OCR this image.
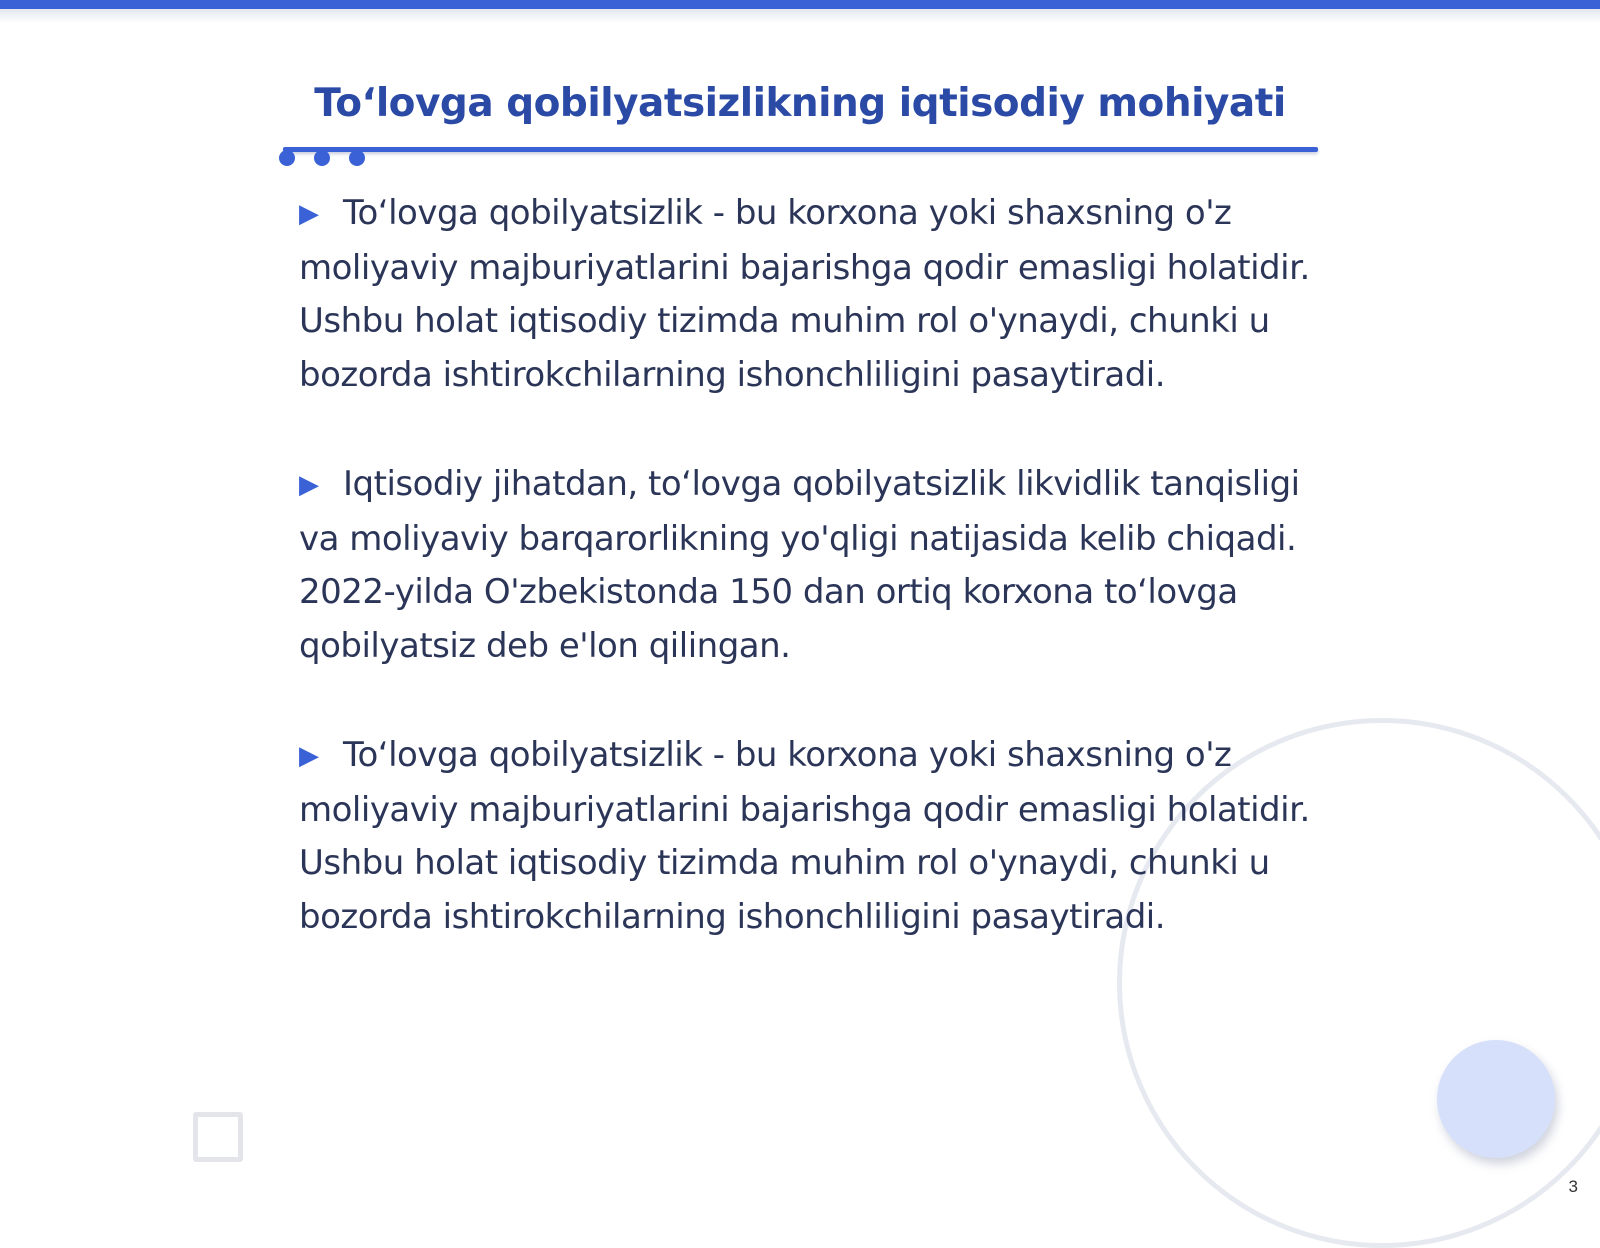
To‘lovga qobilyatsizlikning iqtisodiy mohiyati
▶ To‘lovga qobilyatsizlik - bu korxona yoki shaxsning o'z moliyaviy majburiyatlarini bajarishga qodir emasligi holatidir. Ushbu holat iqtisodiy tizimda muhim rol o'ynaydi, chunki u bozorda ishtirokchilarning ishonchliligini pasaytiradi.
▶ Iqtisodiy jihatdan, to‘lovga qobilyatsizlik likvidlik tanqisligi va moliyaviy barqarorlikning yo'qligi natijasida kelib chiqadi. 2022-yilda O'zbekistonda 150 dan ortiq korxona to‘lovga qobilyatsiz deb e'lon qilingan.
▶ To‘lovga qobilyatsizlik - bu korxona yoki shaxsning o'z moliyaviy majburiyatlarini bajarishga qodir emasligi holatidir. Ushbu holat iqtisodiy tizimda muhim rol o'ynaydi, chunki u bozorda ishtirokchilarning ishonchliligini pasaytiradi.
3
